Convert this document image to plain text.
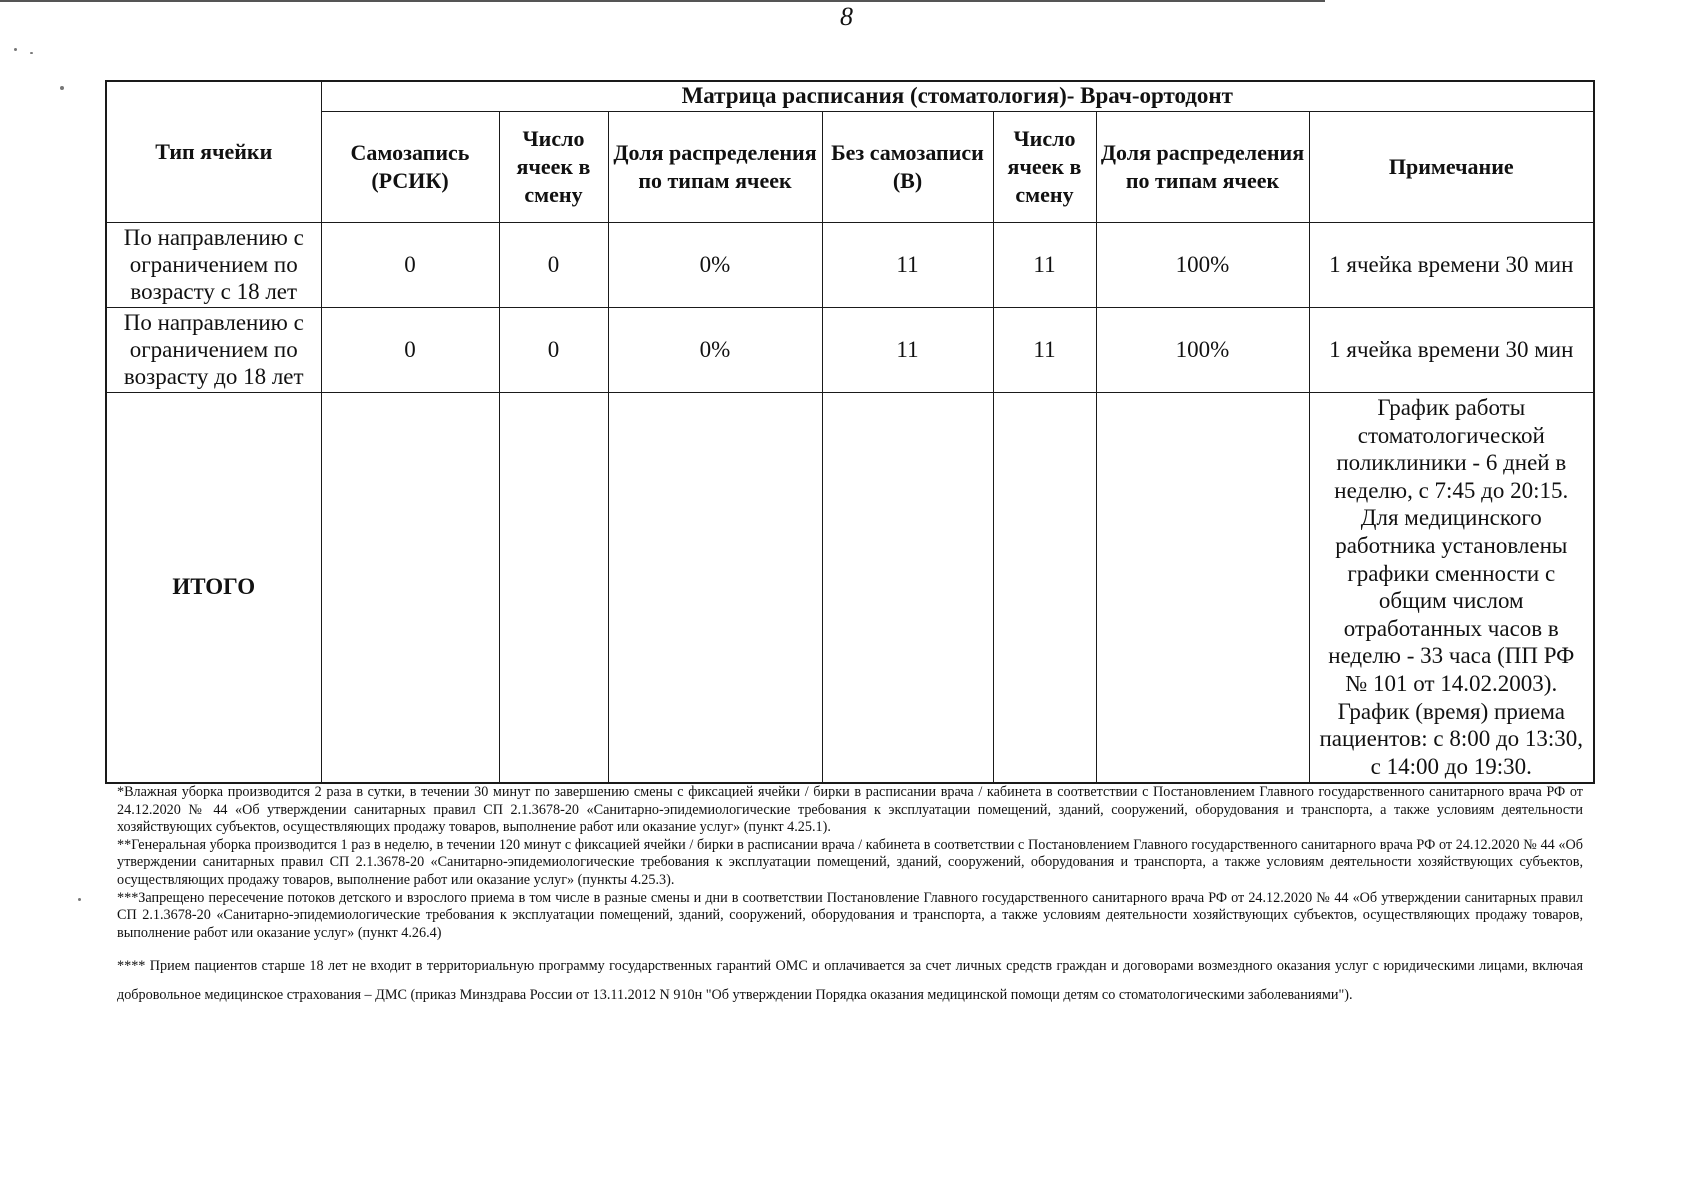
8
Тип ячейки	Матрица расписания (стоматология)- Врач-ортодонт						
	Самозапись (РСИК)	Число ячеек в смену	Доля распределения по типам ячеек	Без самозаписи (В)	Число ячеек в смену	Доля распределения по типам ячеек	Примечание
По направлению с ограничением по возрасту с 18 лет	0	0	0%	11	11	100%	1 ячейка времени 30 мин
По направлению с ограничением по возрасту до 18 лет	0	0	0%	11	11	100%	1 ячейка времени 30 мин
ИТОГО							График работы стоматологической поликлиники - 6 дней в неделю, с 7:45 до 20:15. Для медицинского работника установлены графики сменности с общим числом отработанных часов в неделю - 33 часа (ПП РФ № 101 от 14.02.2003). График (время) приема пациентов: с 8:00 до 13:30, с 14:00 до 19:30.

*Влажная уборка производится 2 раза в сутки, в течении 30 минут по завершению смены с фиксацией ячейки / бирки в расписании врача / кабинета в соответствии с Постановлением Главного государственного санитарного врача РФ от 24.12.2020 № 44 «Об утверждении санитарных правил СП 2.1.3678-20 «Санитарно-эпидемиологические требования к эксплуатации помещений, зданий, сооружений, оборудования и транспорта, а также условиям деятельности хозяйствующих субъектов, осуществляющих продажу товаров, выполнение работ или оказание услуг» (пункт 4.25.1).

**Генеральная уборка производится 1 раз в неделю, в течении 120 минут с фиксацией ячейки / бирки в расписании врача / кабинета в соответствии с Постановлением Главного государственного санитарного врача РФ от 24.12.2020 № 44 «Об утверждении санитарных правил СП 2.1.3678-20 «Санитарно-эпидемиологические требования к эксплуатации помещений, зданий, сооружений, оборудования и транспорта, а также условиям деятельности хозяйствующих субъектов, осуществляющих продажу товаров, выполнение работ или оказание услуг» (пункты 4.25.3).

***Запрещено пересечение потоков детского и взрослого приема в том числе в разные смены и дни в соответствии Постановление Главного государственного санитарного врача РФ от 24.12.2020 № 44 «Об утверждении санитарных правил СП 2.1.3678-20 «Санитарно-эпидемиологические требования к эксплуатации помещений, зданий, сооружений, оборудования и транспорта, а также условиям деятельности хозяйствующих субъектов, осуществляющих продажу товаров, выполнение работ или оказание услуг» (пункт 4.26.4)

**** Прием пациентов старше 18 лет не входит в территориальную программу государственных гарантий ОМС и оплачивается за счет личных средств граждан и договорами возмездного оказания услуг с юридическими лицами, включая добровольное медицинское страхования – ДМС (приказ Минздрава России от 13.11.2012 N 910н "Об утверждении Порядка оказания медицинской помощи детям со стоматологическими заболеваниями").
